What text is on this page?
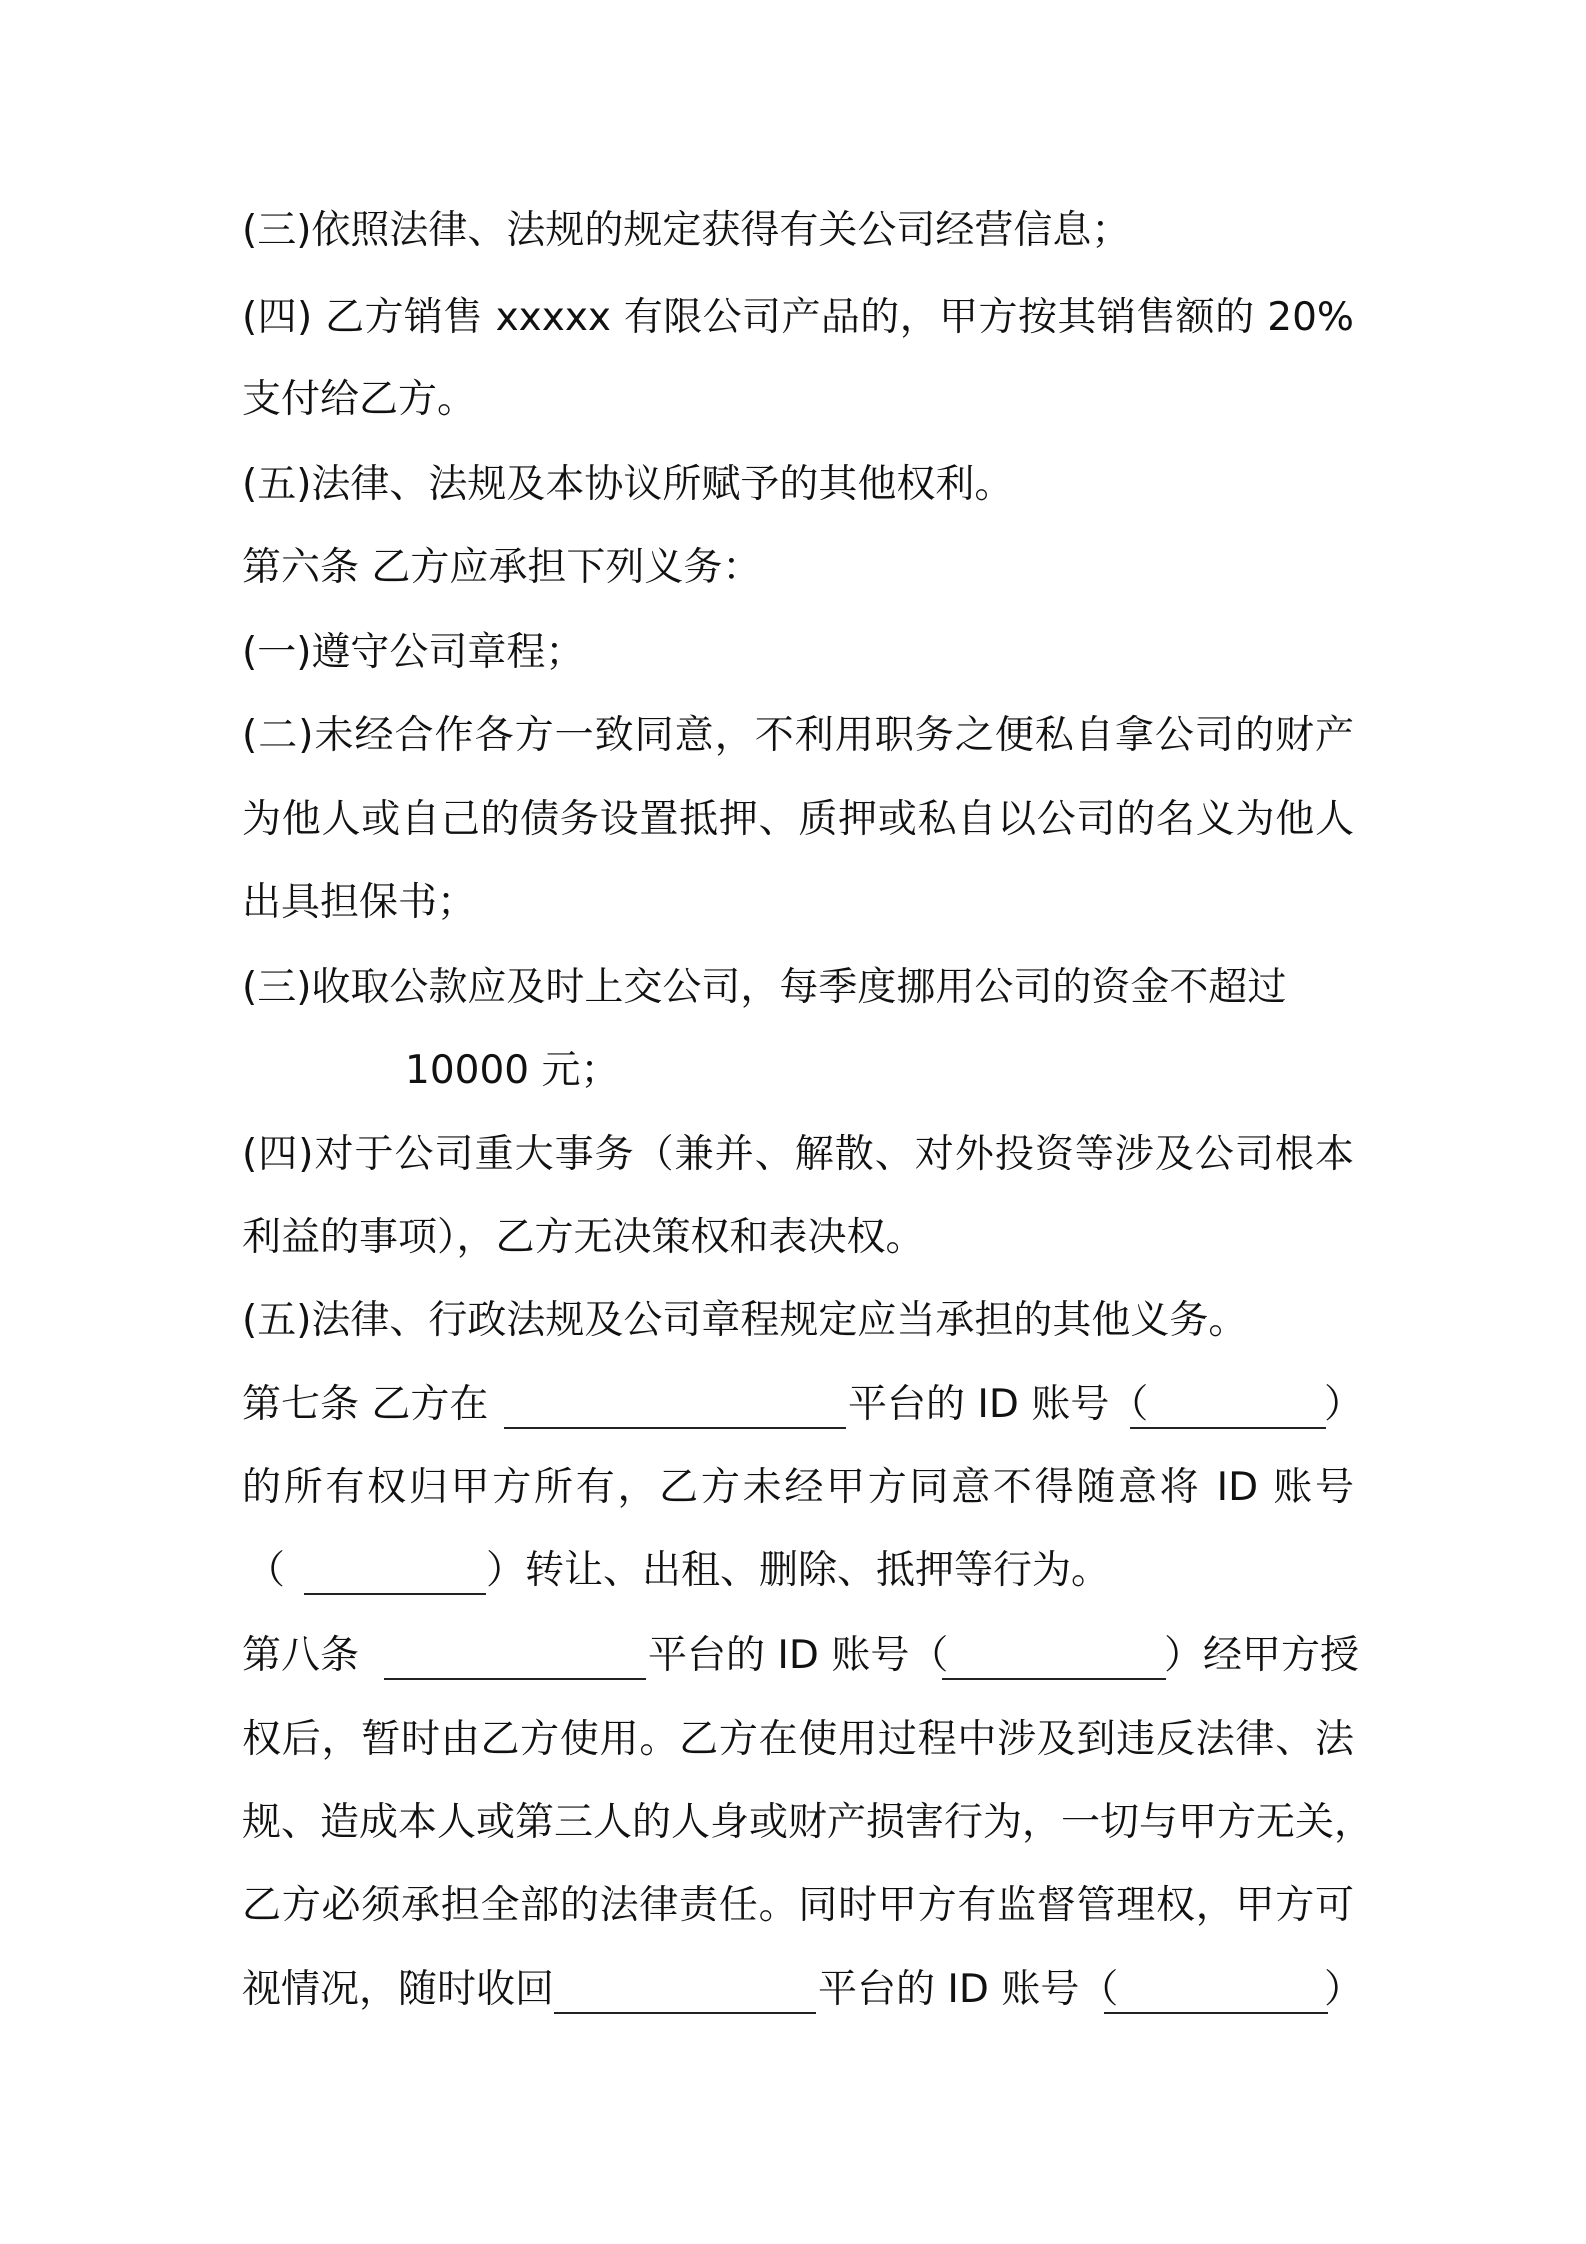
(三)依照法律、法规的规定获得有关公司经营信息；
(四) 乙方销售 xxxxx 有限公司产品的，甲方按其销售额的 20%
支付给乙方。
(五)法律、法规及本协议所赋予的其他权利。
第六条 乙方应承担下列义务：
(一)遵守公司章程；
(二)未经合作各方一致同意，不利用职务之便私自拿公司的财产
为他人或自己的债务设置抵押、质押或私自以公司的名义为他人
出具担保书；
(三)收取公款应及时上交公司，每季度挪用公司的资金不超过
10000 元；
(四)对于公司重大事务（兼并、解散、对外投资等涉及公司根本
利益的事项），乙方无决策权和表决权。
(五)法律、行政法规及公司章程规定应当承担的其他义务。
第七条 乙方在	平台的 ID 账号（	）
的所有权归甲方所有，乙方未经甲方同意不得随意将 ID 账号
（	）转让、出租、删除、抵押等行为。
第八条	平台的 ID 账号（	）经甲方授
权后，暂时由乙方使用。乙方在使用过程中涉及到违反法律、法
规、造成本人或第三人的人身或财产损害行为，一切与甲方无关，
乙方必须承担全部的法律责任。同时甲方有监督管理权，甲方可
视情况，随时收回	平台的 ID 账号（	）
